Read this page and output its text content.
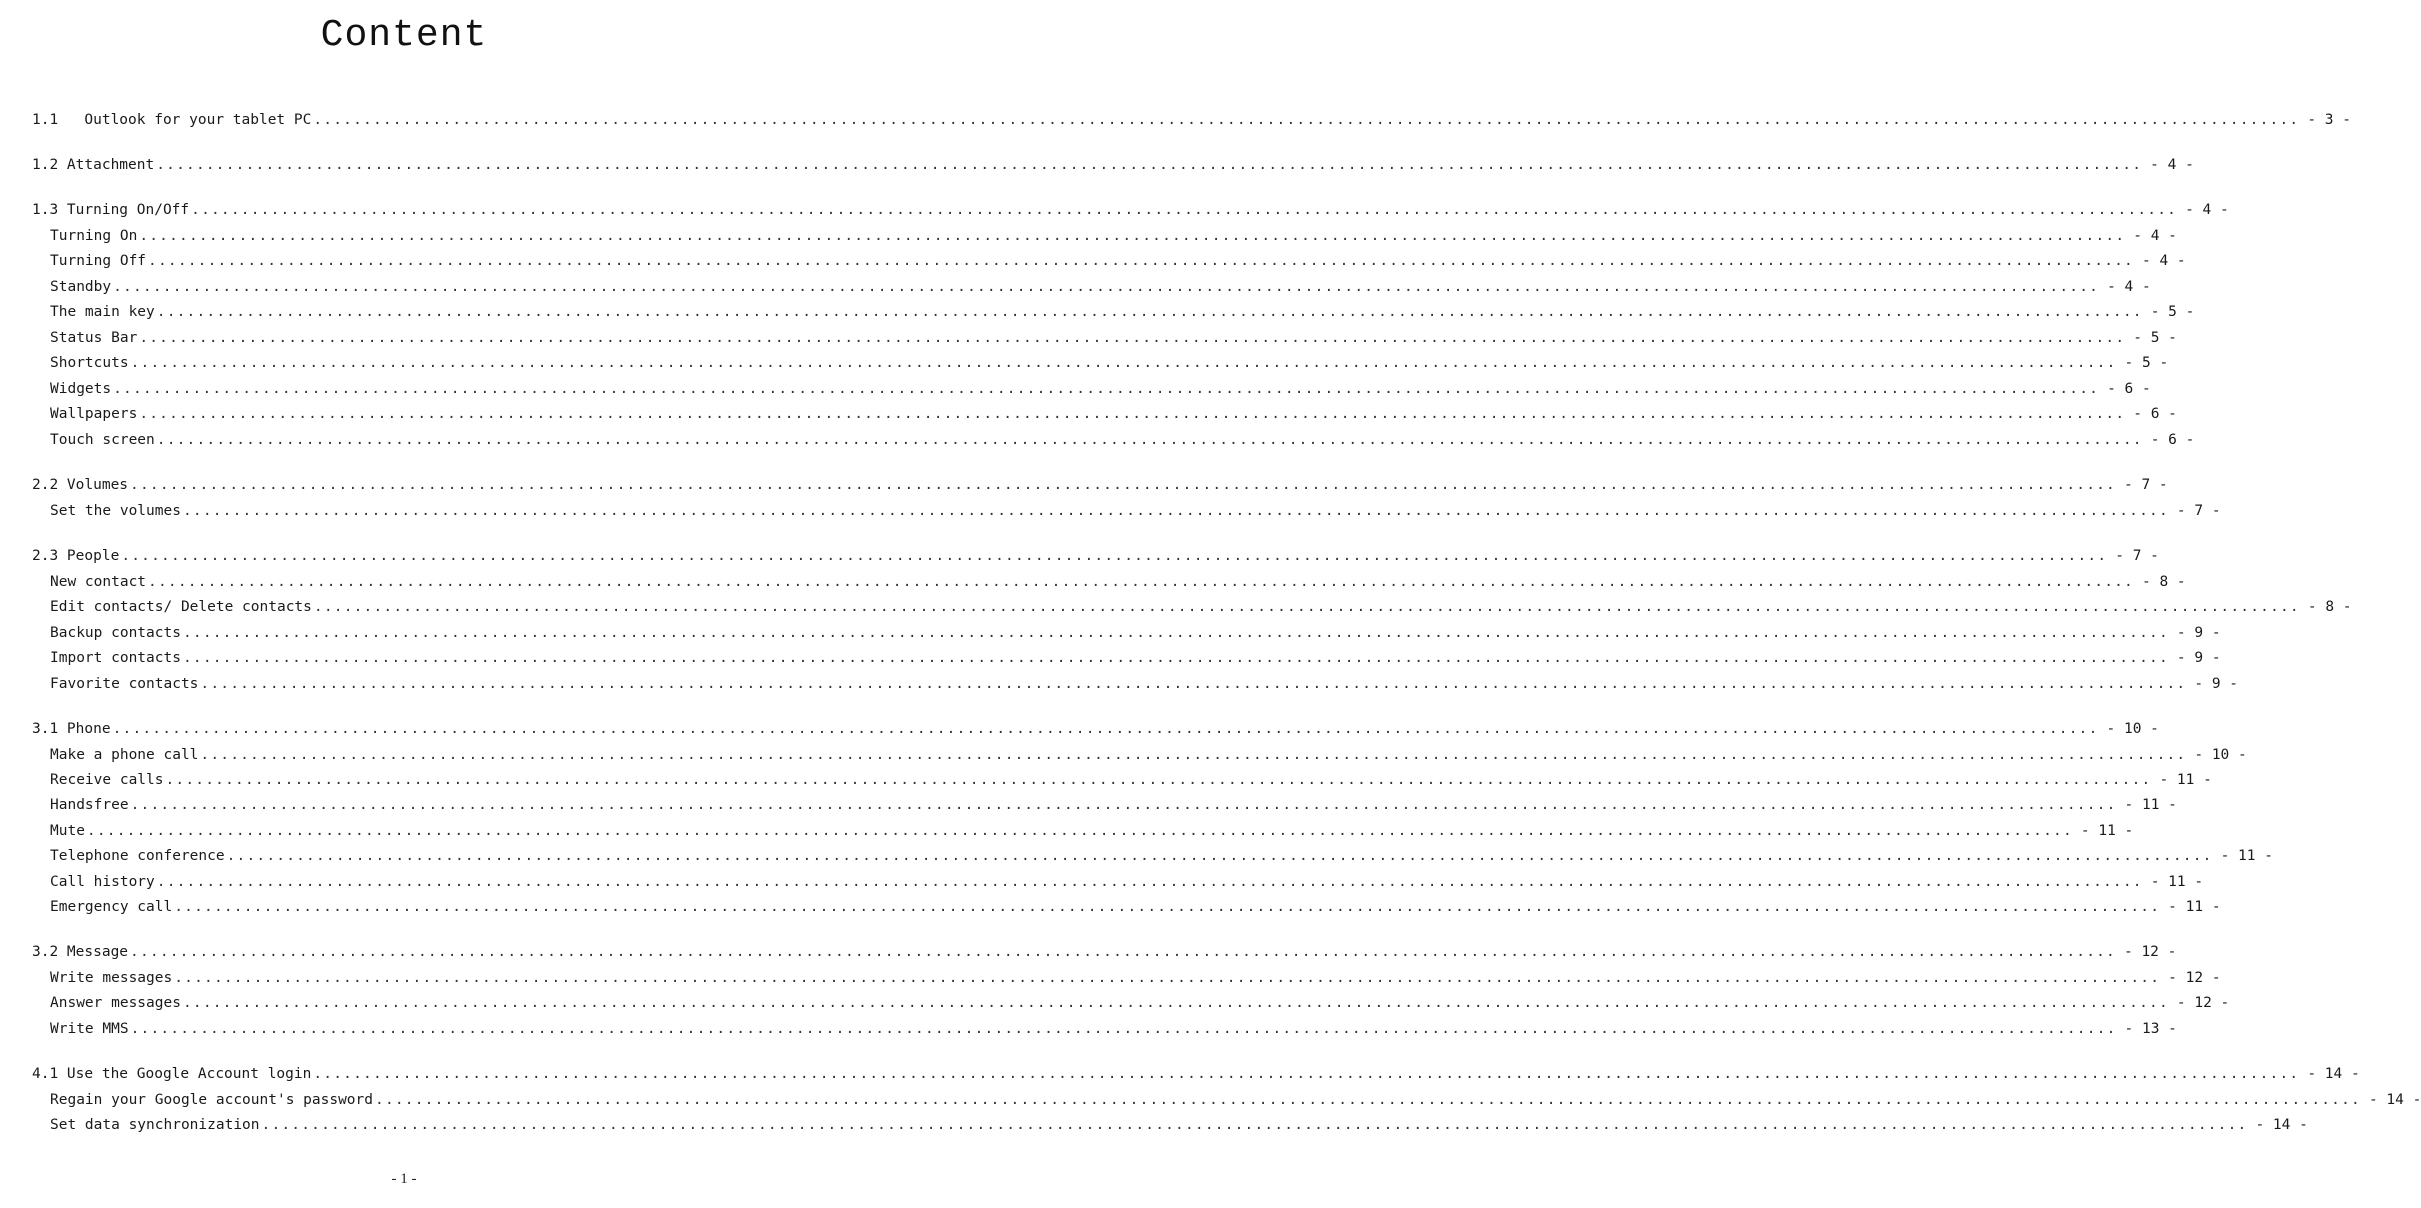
Content
1.1   Outlook for your tablet PC ........................................................................................................................................................................................................ - 3 -
1.2 Attachment ........................................................................................................................................................................................................ - 4 -
1.3 Turning On/Off ........................................................................................................................................................................................................ - 4 -
Turning On ........................................................................................................................................................................................................ - 4 -
Turning Off ........................................................................................................................................................................................................ - 4 -
Standby ........................................................................................................................................................................................................ - 4 -
The main key ........................................................................................................................................................................................................ - 5 -
Status Bar ........................................................................................................................................................................................................ - 5 -
Shortcuts ........................................................................................................................................................................................................ - 5 -
Widgets ........................................................................................................................................................................................................ - 6 -
Wallpapers ........................................................................................................................................................................................................ - 6 -
Touch screen ........................................................................................................................................................................................................ - 6 -
2.2 Volumes ........................................................................................................................................................................................................ - 7 -
Set the volumes ........................................................................................................................................................................................................ - 7 -
2.3 People ........................................................................................................................................................................................................ - 7 -
New contact ........................................................................................................................................................................................................ - 8 -
Edit contacts/ Delete contacts ........................................................................................................................................................................................................ - 8 -
Backup contacts ........................................................................................................................................................................................................ - 9 -
Import contacts ........................................................................................................................................................................................................ - 9 -
Favorite contacts ........................................................................................................................................................................................................ - 9 -
3.1 Phone ........................................................................................................................................................................................................ - 10 -
Make a phone call ........................................................................................................................................................................................................ - 10 -
Receive calls ........................................................................................................................................................................................................ - 11 -
Handsfree ........................................................................................................................................................................................................ - 11 -
Mute ........................................................................................................................................................................................................ - 11 -
Telephone conference ........................................................................................................................................................................................................ - 11 -
Call history ........................................................................................................................................................................................................ - 11 -
Emergency call ........................................................................................................................................................................................................ - 11 -
3.2 Message ........................................................................................................................................................................................................ - 12 -
Write messages ........................................................................................................................................................................................................ - 12 -
Answer messages ........................................................................................................................................................................................................ - 12 -
Write MMS ........................................................................................................................................................................................................ - 13 -
4.1 Use the Google Account login ........................................................................................................................................................................................................ - 14 -
Regain your Google account's password ........................................................................................................................................................................................................ - 14 -
Set data synchronization ........................................................................................................................................................................................................ - 14 -
- 1 -
